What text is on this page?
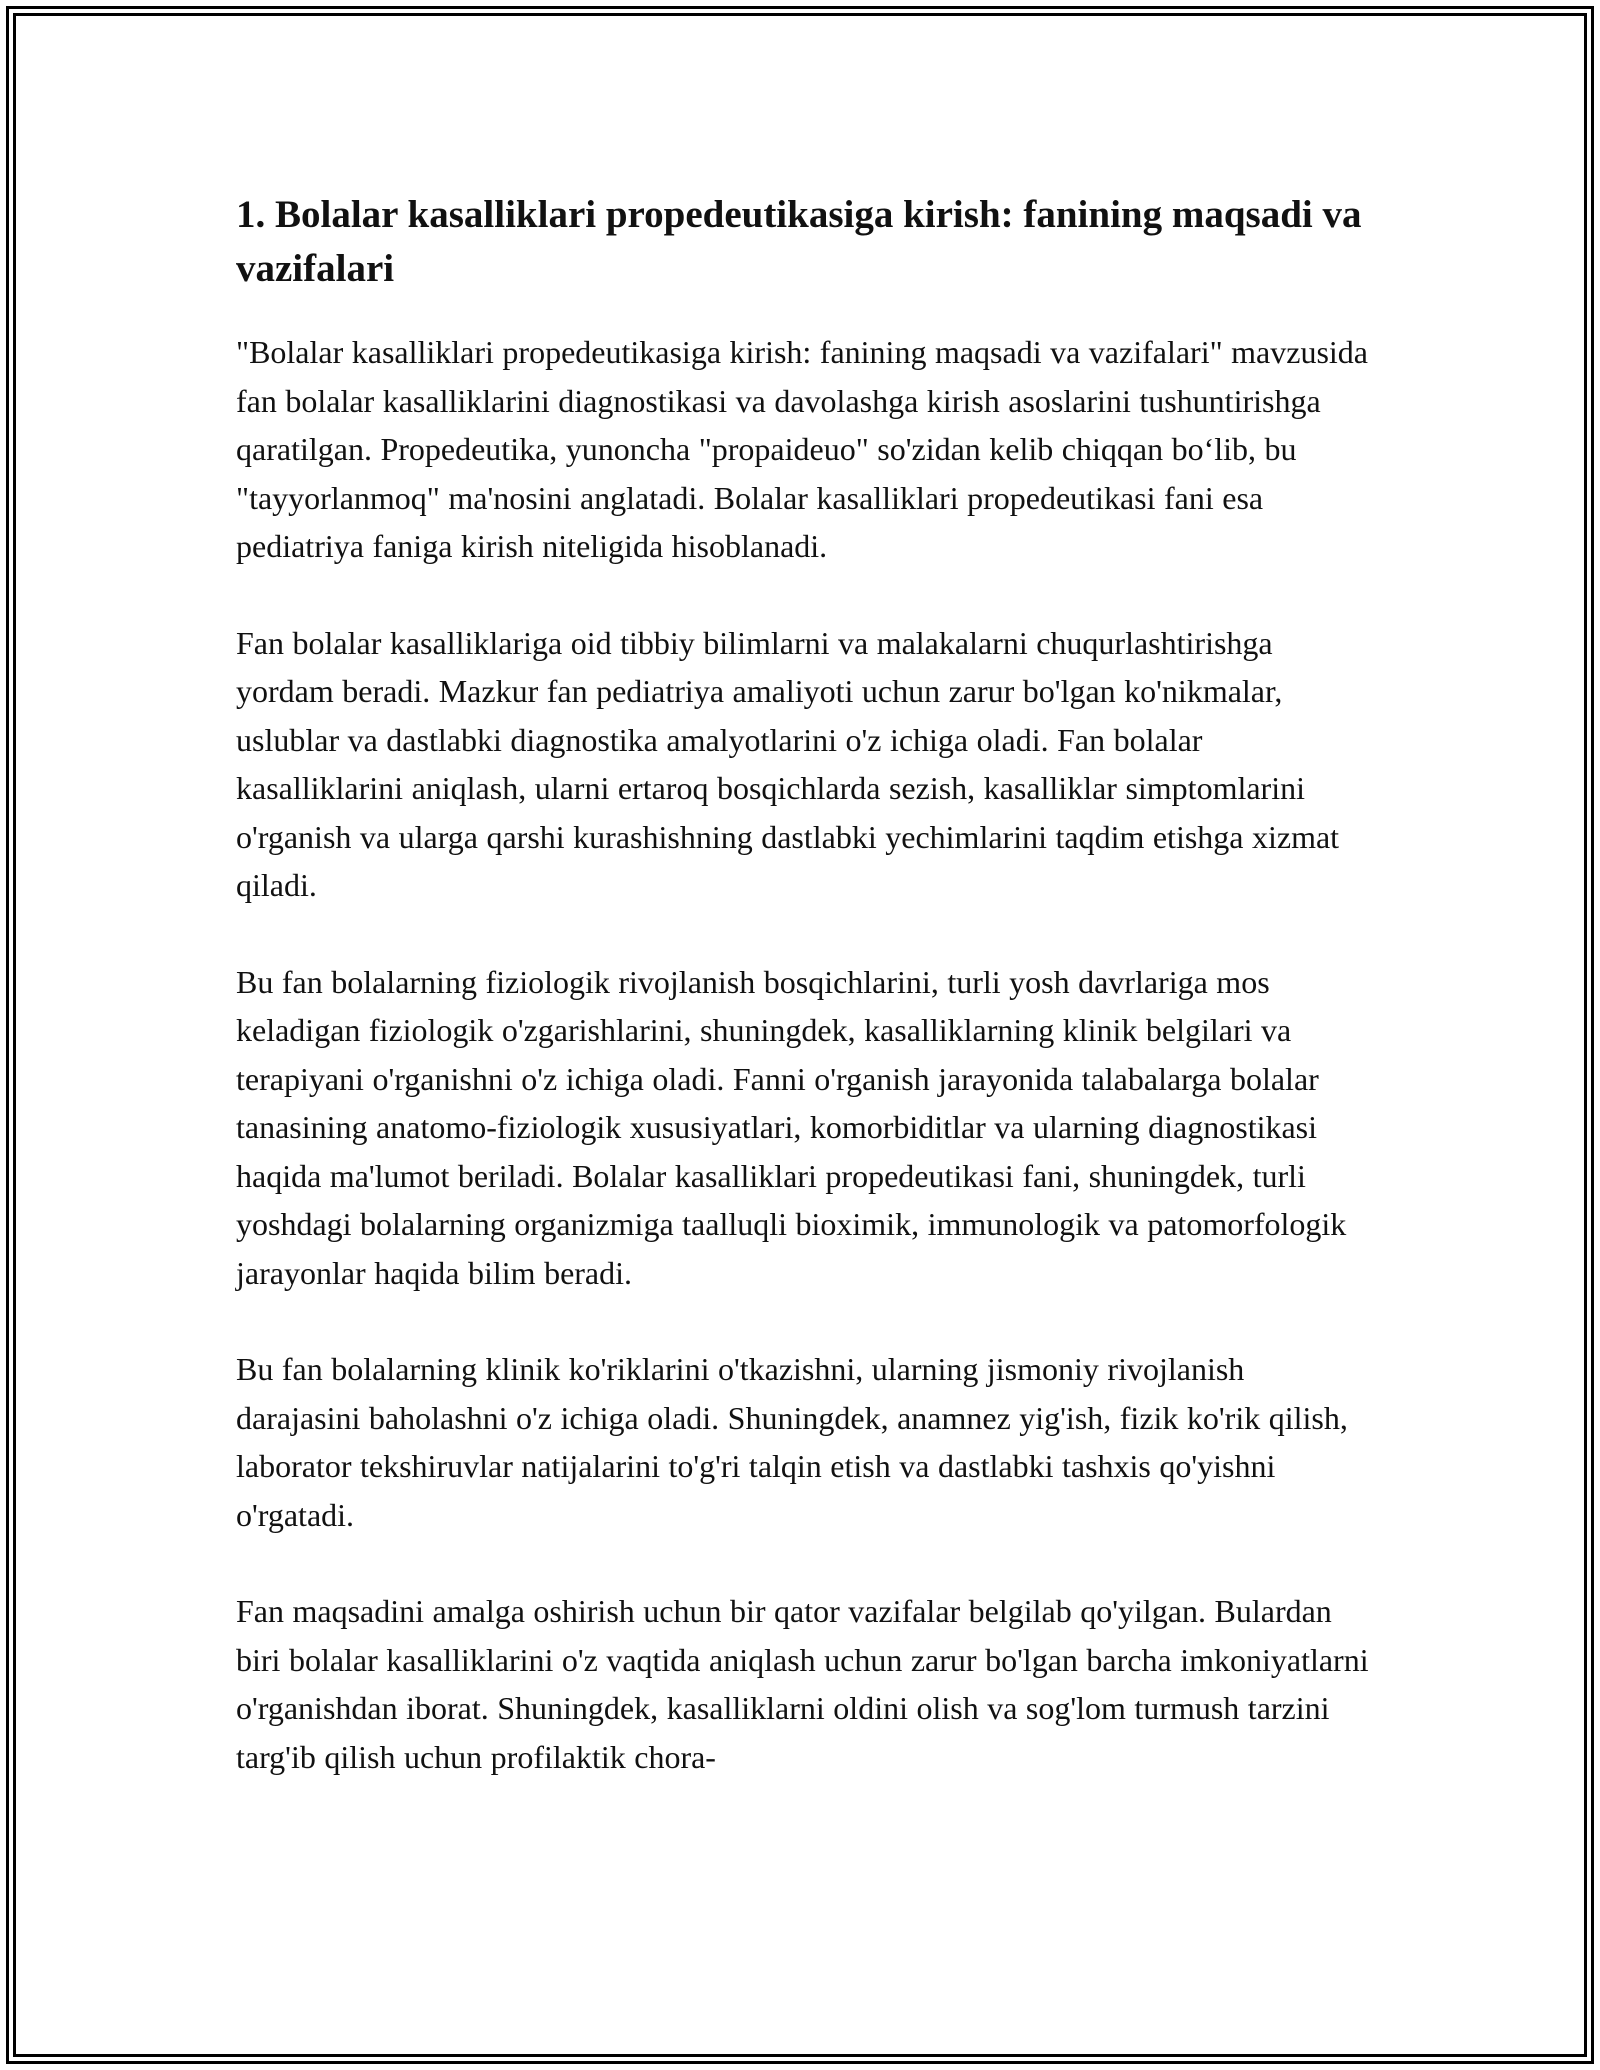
1. Bolalar kasalliklari propedeutikasiga kirish: fanining maqsadi va vazifalari

"Bolalar kasalliklari propedeutikasiga kirish: fanining maqsadi va vazifalari" mavzusida fan bolalar kasalliklarini diagnostikasi va davolashga kirish asoslarini tushuntirishga qaratilgan. Propedeutika, yunoncha "propaideuo" so'zidan kelib chiqqan bo‘lib, bu "tayyorlanmoq" ma'nosini anglatadi. Bolalar kasalliklari propedeutikasi fani esa pediatriya faniga kirish niteligida hisoblanadi.

Fan bolalar kasalliklariga oid tibbiy bilimlarni va malakalarni chuqurlashtirishga yordam beradi. Mazkur fan pediatriya amaliyoti uchun zarur bo'lgan ko'nikmalar, uslublar va dastlabki diagnostika amalyotlarini o'z ichiga oladi. Fan bolalar kasalliklarini aniqlash, ularni ertaroq bosqichlarda sezish, kasalliklar simptomlarini o'rganish va ularga qarshi kurashishning dastlabki yechimlarini taqdim etishga xizmat qiladi.

Bu fan bolalarning fiziologik rivojlanish bosqichlarini, turli yosh davrlariga mos keladigan fiziologik o'zgarishlarini, shuningdek, kasalliklarning klinik belgilari va terapiyani o'rganishni o'z ichiga oladi. Fanni o'rganish jarayonida talabalarga bolalar tanasining anatomo-fiziologik xususiyatlari, komorbiditlar va ularning diagnostikasi haqida ma'lumot beriladi. Bolalar kasalliklari propedeutikasi fani, shuningdek, turli yoshdagi bolalarning organizmiga taalluqli bioximik, immunologik va patomorfologik jarayonlar haqida bilim beradi.

Bu fan bolalarning klinik ko'riklarini o'tkazishni, ularning jismoniy rivojlanish darajasini baholashni o'z ichiga oladi. Shuningdek, anamnez yig'ish, fizik ko'rik qilish, laborator tekshiruvlar natijalarini to'g'ri talqin etish va dastlabki tashxis qo'yishni o'rgatadi.

Fan maqsadini amalga oshirish uchun bir qator vazifalar belgilab qo'yilgan. Bulardan biri bolalar kasalliklarini o'z vaqtida aniqlash uchun zarur bo'lgan barcha imkoniyatlarni o'rganishdan iborat. Shuningdek, kasalliklarni oldini olish va sog'lom turmush tarzini targ'ib qilish uchun profilaktik chora-
